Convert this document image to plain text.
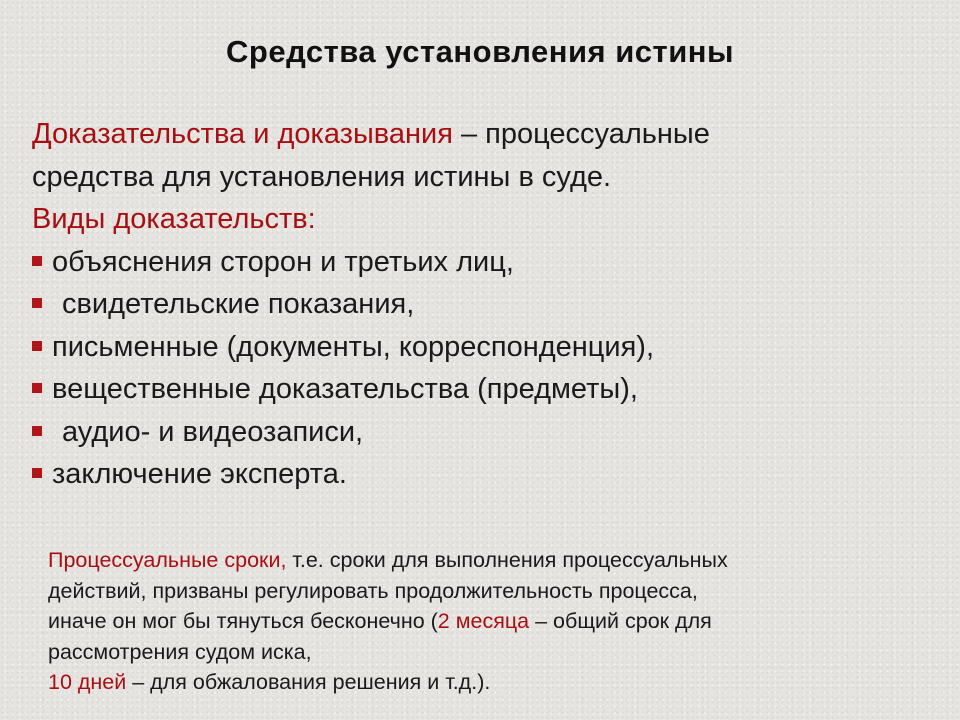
Средства установления истины
Доказательства и доказывания – процессуальные
средства для установления истины в суде.
Виды доказательств:
объяснения сторон и третьих лиц,
свидетельские показания,
письменные (документы, корреспонденция),
вещественные доказательства (предметы),
аудио- и видеозаписи,
заключение эксперта.
Процессуальные сроки, т.е. сроки для выполнения процессуальных
действий, призваны регулировать продолжительность процесса,
иначе он мог бы тянуться бесконечно (2 месяца – общий срок для
рассмотрения судом иска,
10 дней – для обжалования решения и т.д.).
